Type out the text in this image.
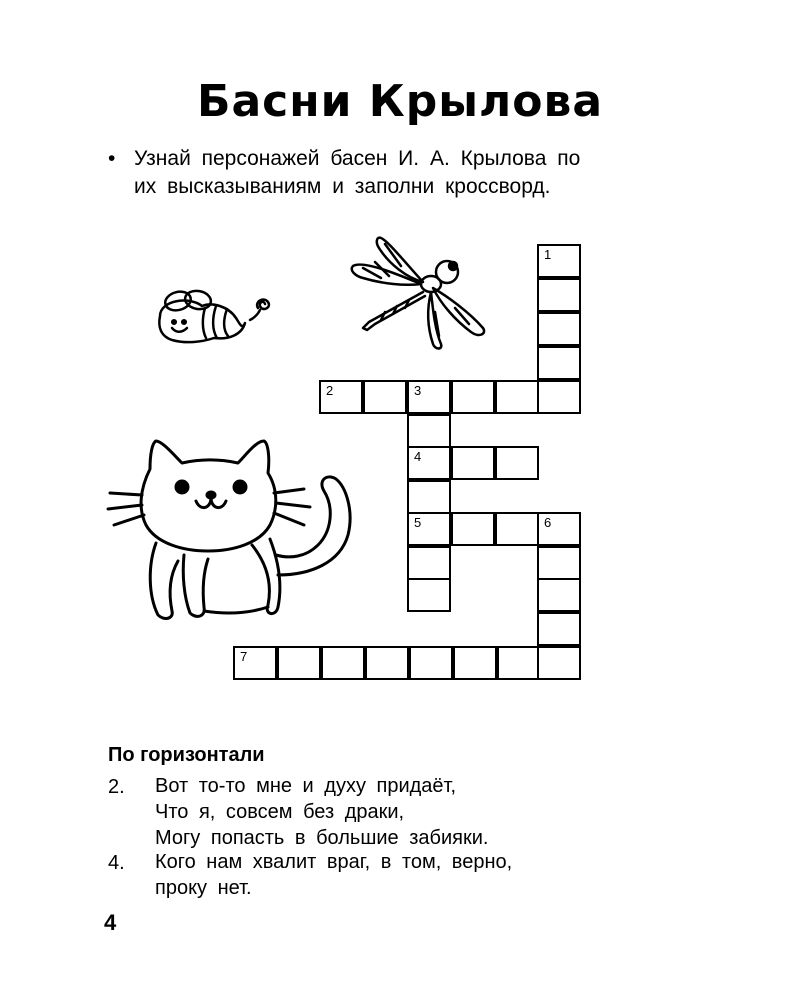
Басни Крылова
• Узнай персонажей басен И. А. Крылова по
их высказываниям и заполни кроссворд.
1
2	3
4
5	6
7
По горизонтали
2. Вот то-то мне и духу придаёт,
Что я, совсем без драки,
Могу попасть в большие забияки.
4. Кого нам хвалит враг, в том, верно,
проку нет.
4
